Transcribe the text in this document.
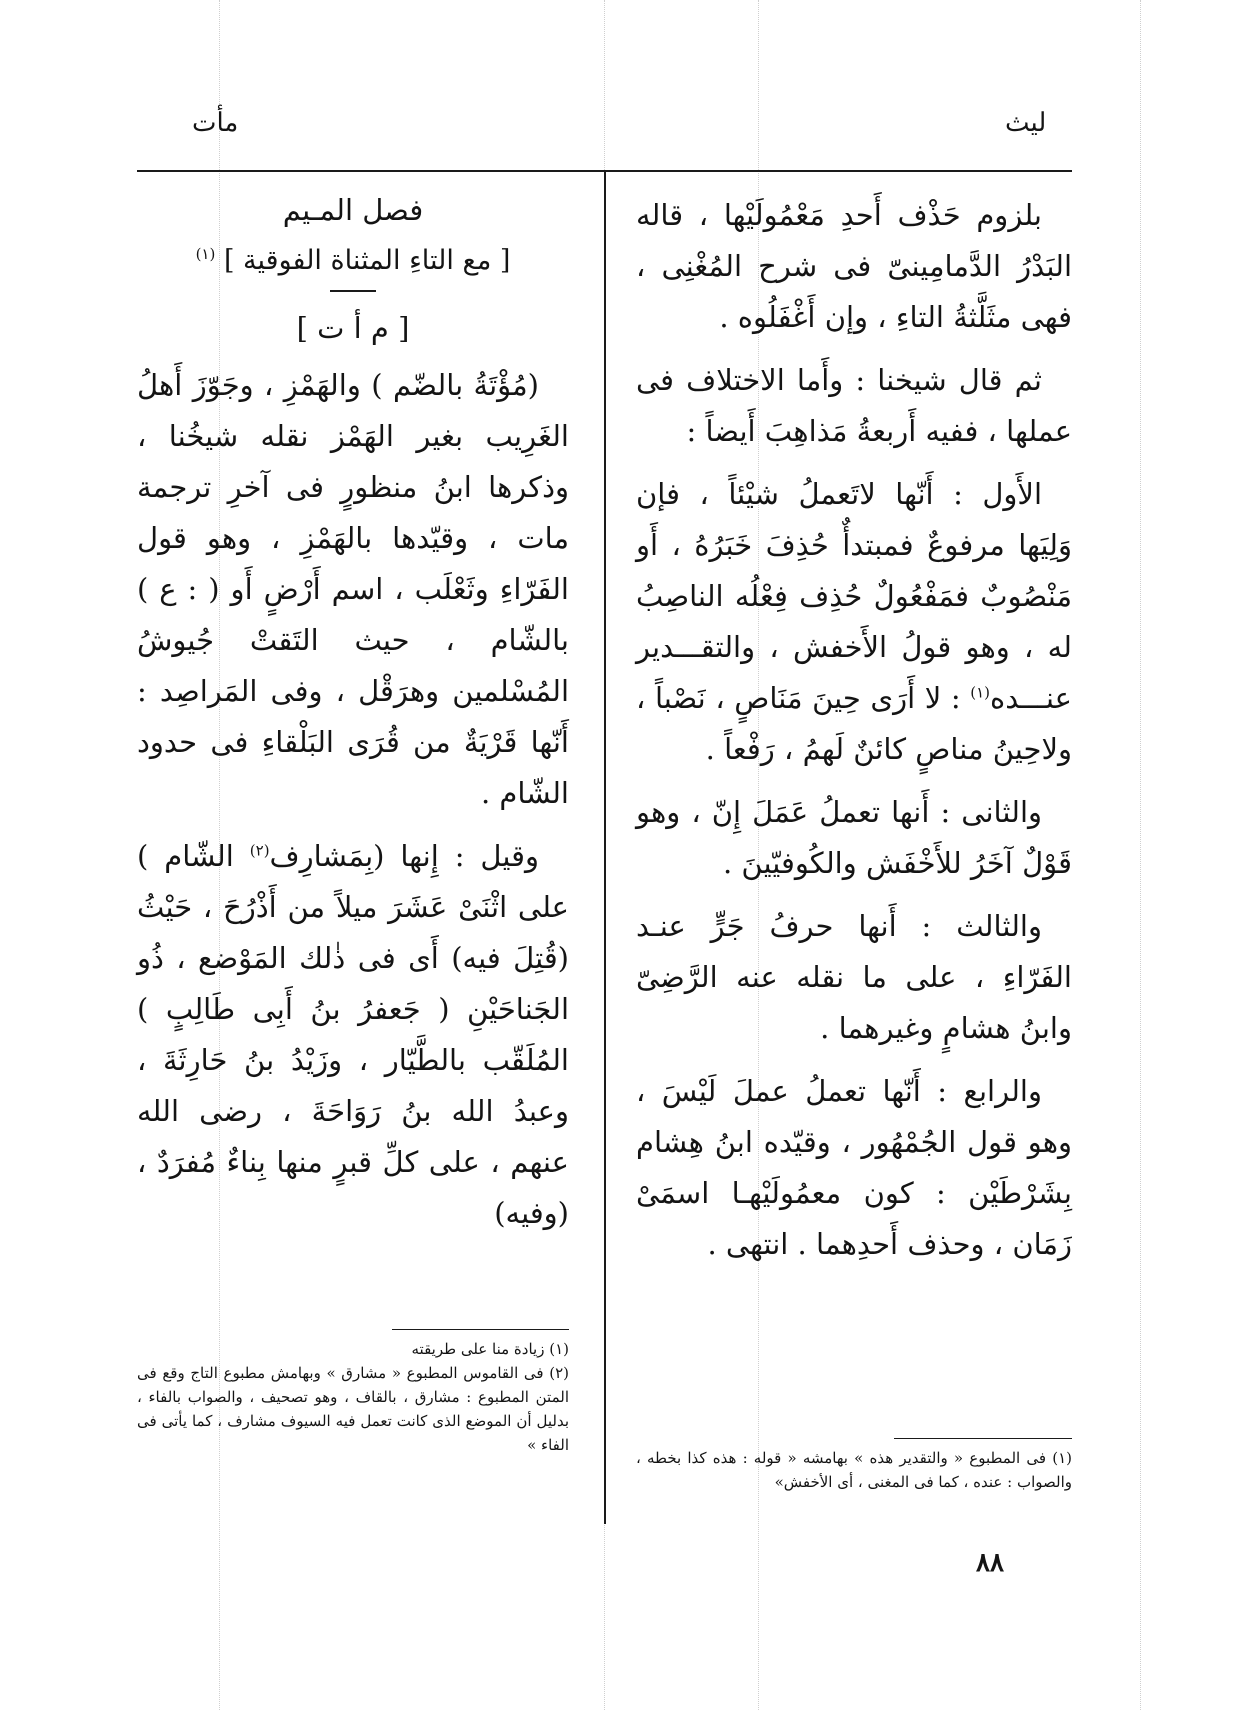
مأت	ليث

بلزوم حَذْف أَحدِ مَعْمُولَيْها ، قاله البَدْرُ الدَّمامِينىّ فى شرح المُغْنِى ، فهى مثَلَّثةُ التاءِ ، وإن أَغْفَلُوه .

ثم قال شيخنا : وأَما الاختلاف فى عملها ، ففيه أَربعةُ مَذاهِبَ أَيضاً :

الأَول : أَنّها لاتَعملُ شيْئاً ، فإن وَلِيَها مرفوعٌ فمبتدأٌ حُذِفَ خَبَرُهُ ، أَو مَنْصُوبٌ فمَفْعُولٌ حُذِف فِعْلُه الناصِبُ له ، وهو قولُ الأَخفش ، والتقـــدير عنـــده$^{(١)}$ : لا أَرَى حِينَ مَنَاصٍ ، نَصْباً ، ولاحِينُ مناصٍ كائنٌ لَهمُ ، رَفْعاً .

والثانى : أَنها تعملُ عَمَلَ إِنّ ، وهو قَوْلٌ آخَرُ للأَخْفَش والكُوفيّينَ .

والثالث : أَنها حرفُ جَرٍّ عنـد الفَرّاءِ ، على ما نقله عنه الرَّضِىّ وابنُ هشامٍ وغيرهما .

والرابع : أَنّها تعملُ عملَ لَيْسَ ، وهو قول الجُمْهُور ، وقيّده ابنُ هِشام بِشَرْطَيْن : كون معمُولَيْهـا اسمَىْ زَمَان ، وحذف أَحدِهما . انتهى .

فصل المـيم
[ مع التاءِ المثناة الفوقية ] $^{(١)}$
[ م أ ت ]

(مُؤْتَةُ بالضّم ) والهَمْزِ ، وجَوّزَ أَهلُ الغَرِيب بغير الهَمْز نقله شيخُنا ، وذكرها ابنُ منظورٍ فى آخرِ ترجمة مات ، وقيّدها بالهَمْزِ ، وهو قول الفَرّاءِ وثَعْلَب ، اسم أَرْضٍ أَو ( : ع ) بالشّام ، حيث التَقتْ جُيوشُ المُسْلمين وهرَقْل ، وفى المَراصِد : أَنّها قَرْيَةٌ من قُرَى البَلْقاءِ فى حدود الشّام .

وقيل : إِنها (بِمَشارِف$^{(٢)}$ الشّام ) على اثْنَىْ عَشَرَ ميلاً من أَذْرُحَ ، حَيْثُ (قُتِلَ فيه) أَى فى ذٰلك المَوْضع ، ذُو الجَناحَيْنِ ( جَعفرُ بنُ أَبِى طَالِبٍ ) المُلَقّب بالطَّيّار ، وزَيْدُ بنُ حَارِثَةَ ، وعبدُ الله بنُ رَوَاحَةَ ، رضى الله عنهم ، على كلِّ قبرٍ منها بِناءٌ مُفرَدٌ ، (وفيه)

(١) زيادة منا على طريقته

(٢) فى القاموس المطبوع « مشارق » وبهامش مطبوع التاج وقع فى المتن المطبوع : مشارق ، بالقاف ، وهو تصحيف ، والصواب بالفاء ، بدليل أن الموضع الذى كانت تعمل فيه السيوف مشارف ، كما يأتى فى الفاء »

(١) فى المطبوع « والتقدير هذه » بهامشه « قوله : هذه كذا بخطه ، والصواب : عنده ، كما فى المغنى ، أى الأخفش»

٨٨
